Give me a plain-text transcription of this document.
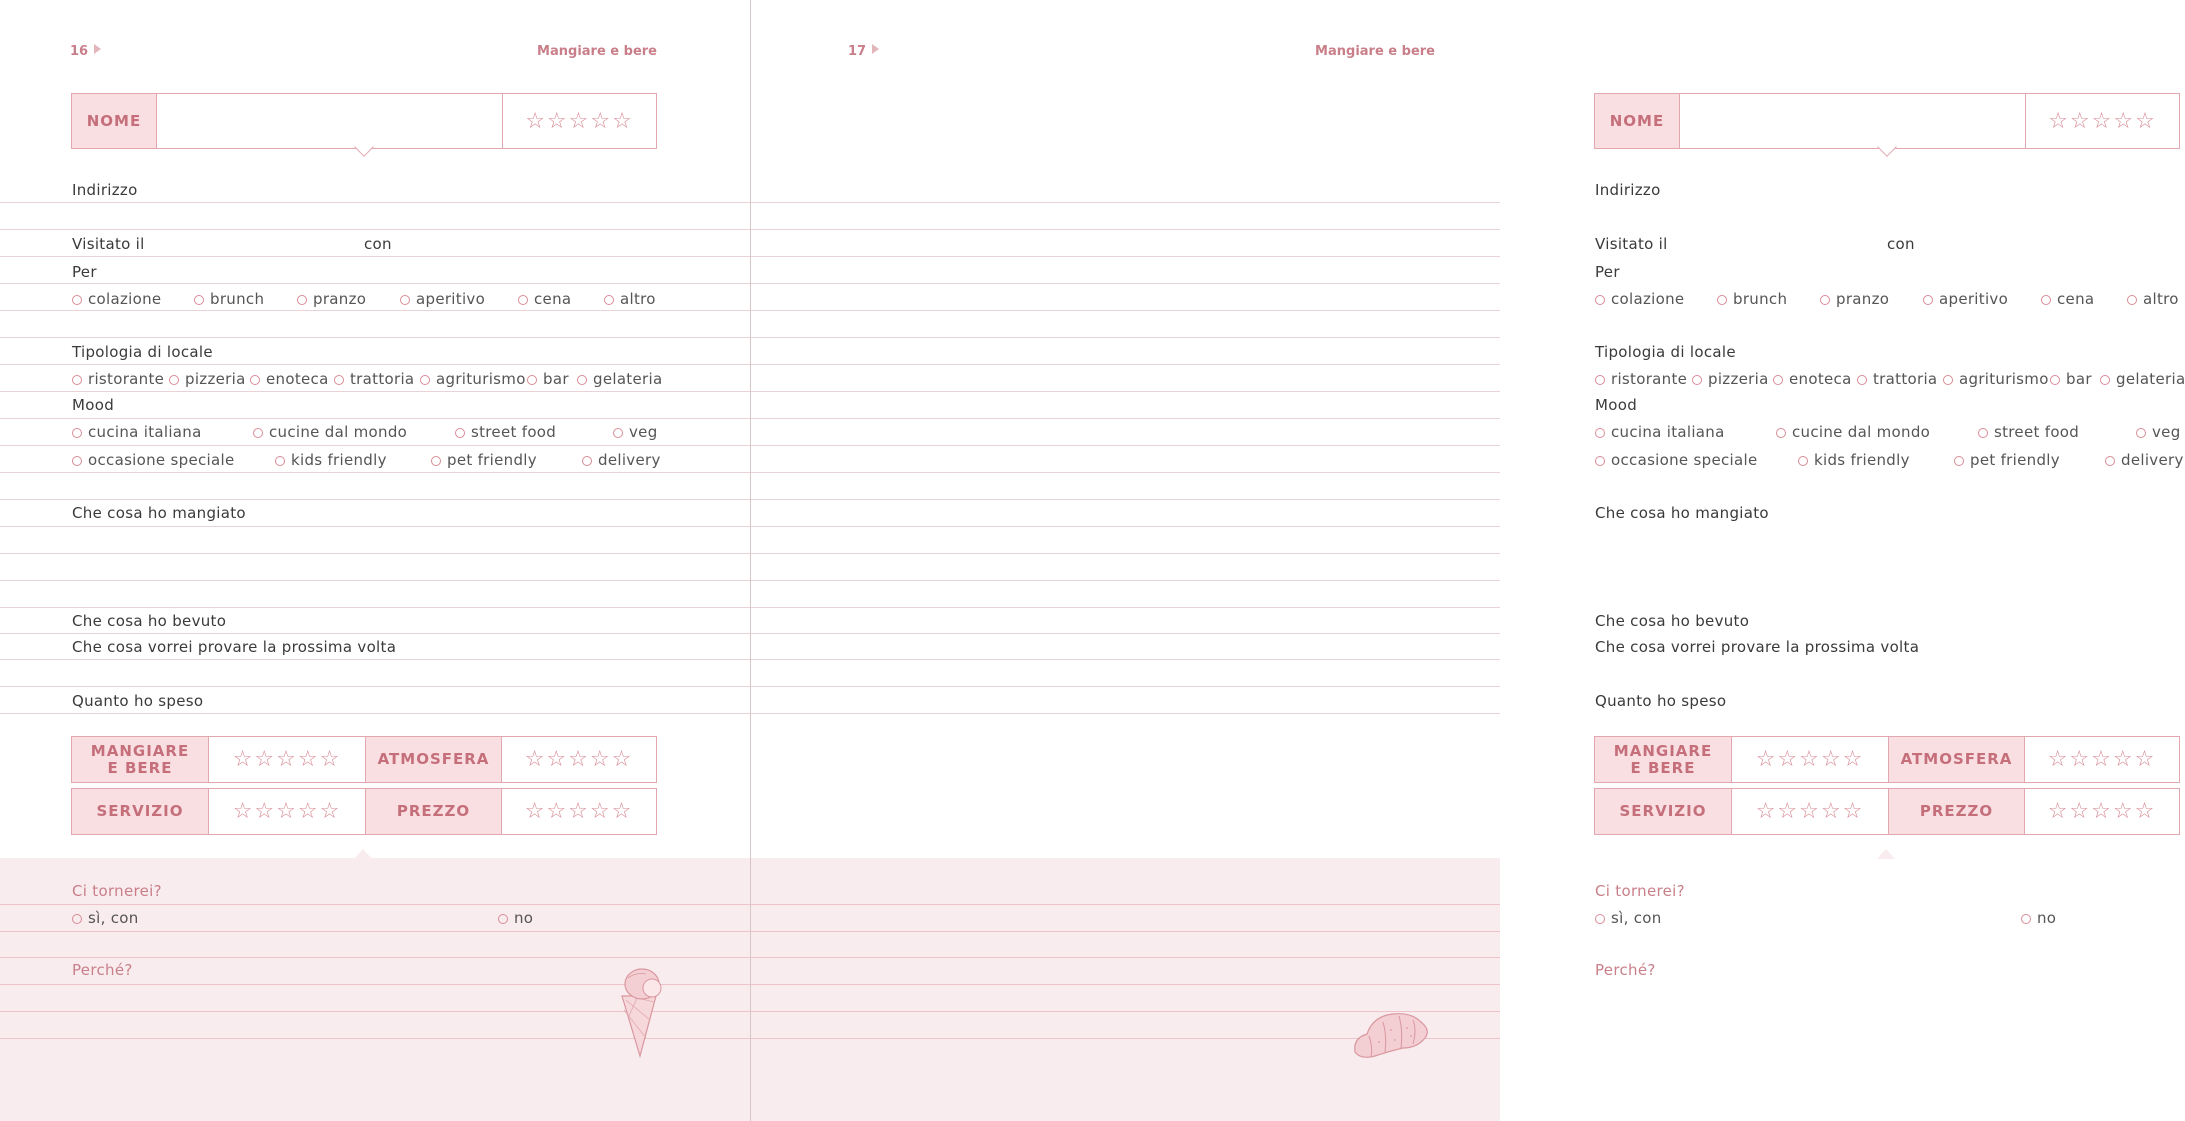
16	Mangiare e bere
NOME	☆☆☆☆☆
Indirizzo
Visitato il	con
Per
colazione	brunch	pranzo	aperitivo	cena	altro
Tipologia di locale
ristorante	pizzeria	enoteca	trattoria	agriturismo	bar	gelateria
Mood
cucina italiana	cucine dal mondo	street food	veg
occasione speciale	kids friendly	pet friendly	delivery
Che cosa ho mangiato
Che cosa ho bevuto
Che cosa vorrei provare la prossima volta
Quanto ho speso
MANGIARE E BERE	☆☆☆☆☆	ATMOSFERA	☆☆☆☆☆
SERVIZIO	☆☆☆☆☆	PREZZO	☆☆☆☆☆
Ci tornerei?
sì, con	no
Perché?
17	Mangiare e bere
NOME	☆☆☆☆☆
Indirizzo
Visitato il	con
Per
colazione	brunch	pranzo	aperitivo	cena	altro
Tipologia di locale
ristorante	pizzeria	enoteca	trattoria	agriturismo	bar	gelateria
Mood
cucina italiana	cucine dal mondo	street food	veg
occasione speciale	kids friendly	pet friendly	delivery
Che cosa ho mangiato
Che cosa ho bevuto
Che cosa vorrei provare la prossima volta
Quanto ho speso
MANGIARE E BERE	☆☆☆☆☆	ATMOSFERA	☆☆☆☆☆
SERVIZIO	☆☆☆☆☆	PREZZO	☆☆☆☆☆
Ci tornerei?
sì, con	no
Perché?
